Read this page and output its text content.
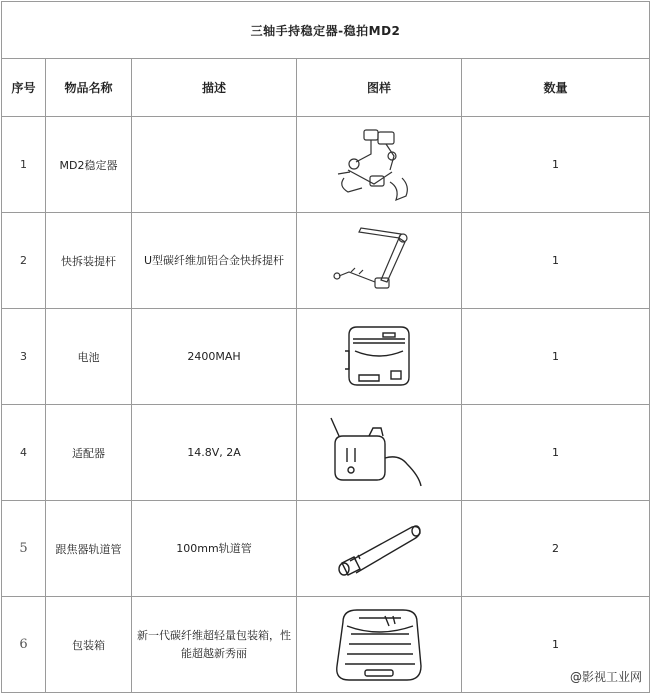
三轴手持稳定器-稳拍MD2				
序号	物品名称	描述	图样	数量
1	MD2稳定器			1
2	快拆装提杆	U型碳纤维加铝合金快拆提杆		1
3	电池	2400MAH		1
4	适配器	14.8V, 2A		1
5	跟焦器轨道管	100mm轨道管		2
6	包装箱	新一代碳纤维超轻量包装箱，性能超越新秀丽		1
@影视工业网
